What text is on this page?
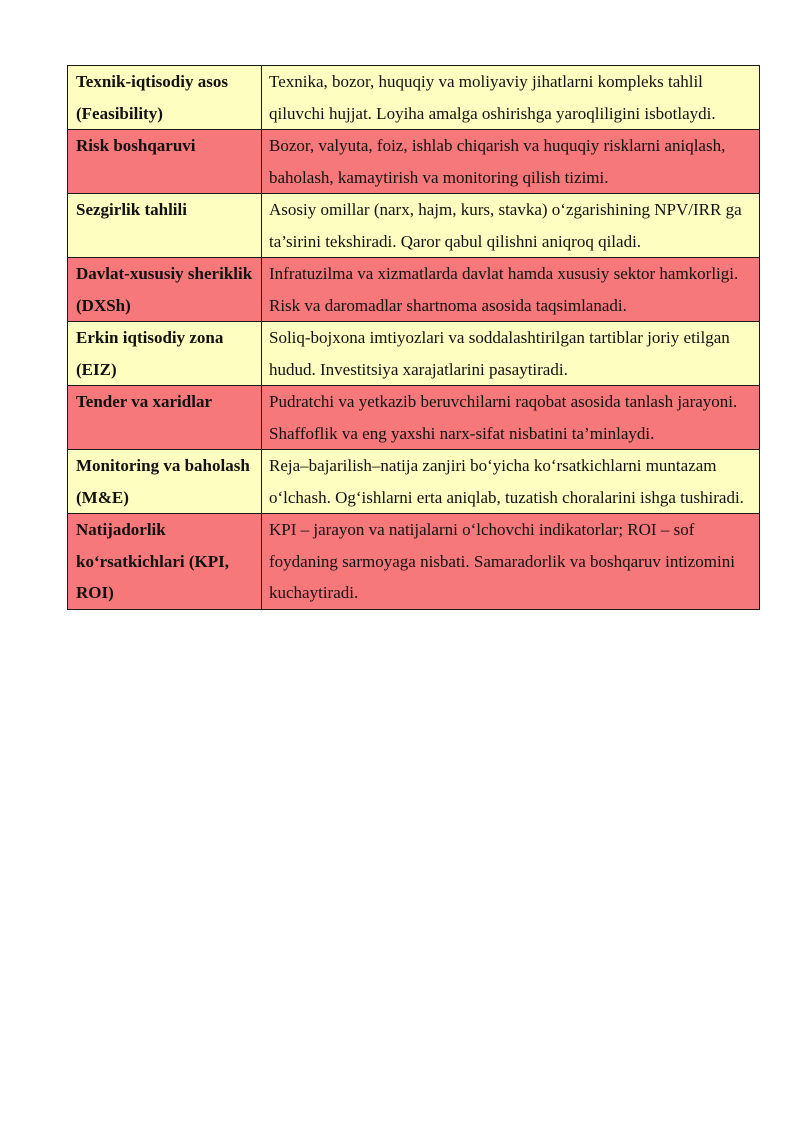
Texnik-iqtisodiy asos (Feasibility)	Texnika, bozor, huquqiy va moliyaviy jihatlarni kompleks tahlil qiluvchi hujjat. Loyiha amalga oshirishga yaroqliligini isbotlaydi.
Risk boshqaruvi	Bozor, valyuta, foiz, ishlab chiqarish va huquqiy risklarni aniqlash, baholash, kamaytirish va monitoring qilish tizimi.
Sezgirlik tahlili	Asosiy omillar (narx, hajm, kurs, stavka) o‘zgarishining NPV/IRR ga ta’sirini tekshiradi. Qaror qabul qilishni aniqroq qiladi.
Davlat-xususiy sheriklik (DXSh)	Infratuzilma va xizmatlarda davlat hamda xususiy sektor hamkorligi. Risk va daromadlar shartnoma asosida taqsimlanadi.
Erkin iqtisodiy zona (EIZ)	Soliq-bojxona imtiyozlari va soddalashtirilgan tartiblar joriy etilgan hudud. Investitsiya xarajatlarini pasaytiradi.
Tender va xaridlar	Pudratchi va yetkazib beruvchilarni raqobat asosida tanlash jarayoni. Shaffoflik va eng yaxshi narx-sifat nisbatini ta’minlaydi.
Monitoring va baholash (M&E)	Reja–bajarilish–natija zanjiri bo‘yicha ko‘rsatkichlarni muntazam o‘lchash. Og‘ishlarni erta aniqlab, tuzatish choralarini ishga tushiradi.
Natijadorlik ko‘rsatkichlari (KPI, ROI)	KPI – jarayon va natijalarni o‘lchovchi indikatorlar; ROI – sof foydaning sarmoyaga nisbati. Samaradorlik va boshqaruv intizomini kuchaytiradi.
